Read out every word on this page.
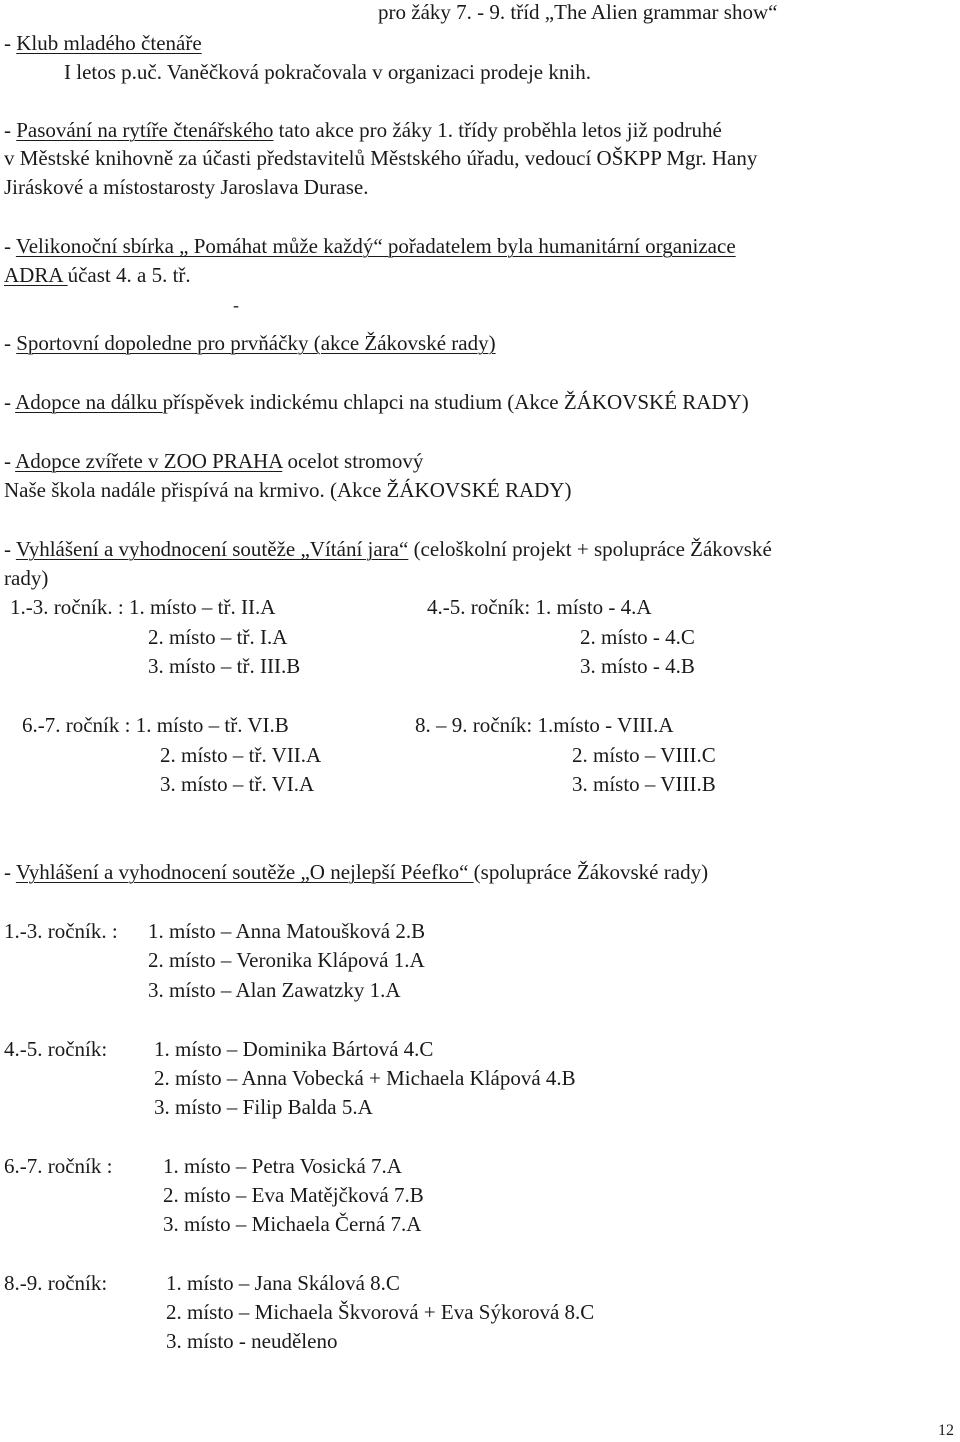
pro žáky 7. - 9. tříd „The Alien grammar show“
- Klub mladého čtenáře
I letos p.uč. Vaněčková pokračovala v organizaci prodeje knih.
- Pasování na rytíře čtenářského tato akce pro žáky 1. třídy proběhla letos již podruhé
v Městské knihovně za účasti představitelů Městského úřadu, vedoucí OŠKPP Mgr. Hany
Jiráskové a místostarosty Jaroslava Durase.
- Velikonoční sbírka „ Pomáhat může každý“ pořadatelem byla humanitární organizace
ADRA účast 4. a 5. tř.
-
- Sportovní dopoledne pro prvňáčky (akce Žákovské rady)
- Adopce na dálku příspěvek indickému chlapci na studium (Akce ŽÁKOVSKÉ RADY)
- Adopce zvířete v ZOO PRAHA ocelot stromový
Naše škola nadále přispívá na krmivo. (Akce ŽÁKOVSKÉ RADY)
- Vyhlášení a vyhodnocení soutěže „Vítání jara“ (celoškolní projekt + spolupráce Žákovské
rady)
1.-3. ročník. : 1. místo – tř. II.A
2. místo – tř. I.A
3. místo – tř. III.B
4.-5. ročník: 1. místo - 4.A
2. místo - 4.C
3. místo - 4.B
6.-7. ročník : 1. místo – tř. VI.B
2. místo – tř. VII.A
3. místo – tř. VI.A
8. – 9. ročník: 1.místo - VIII.A
2. místo – VIII.C
3. místo – VIII.B
- Vyhlášení a vyhodnocení soutěže „O nejlepší Péefko“ (spolupráce Žákovské rady)
1.-3. ročník. : 1. místo – Anna Matoušková 2.B
2. místo – Veronika Klápová 1.A
3. místo – Alan Zawatzky 1.A
4.-5. ročník: 1. místo – Dominika Bártová 4.C
2. místo – Anna Vobecká + Michaela Klápová 4.B
3. místo – Filip Balda 5.A
6.-7. ročník : 1. místo – Petra Vosická 7.A
2. místo – Eva Matějčková 7.B
3. místo – Michaela Černá 7.A
8.-9. ročník:	1. místo – Jana Skálová 8.C
2. místo – Michaela Škvorová + Eva Sýkorová 8.C
3. místo - neuděleno
12
